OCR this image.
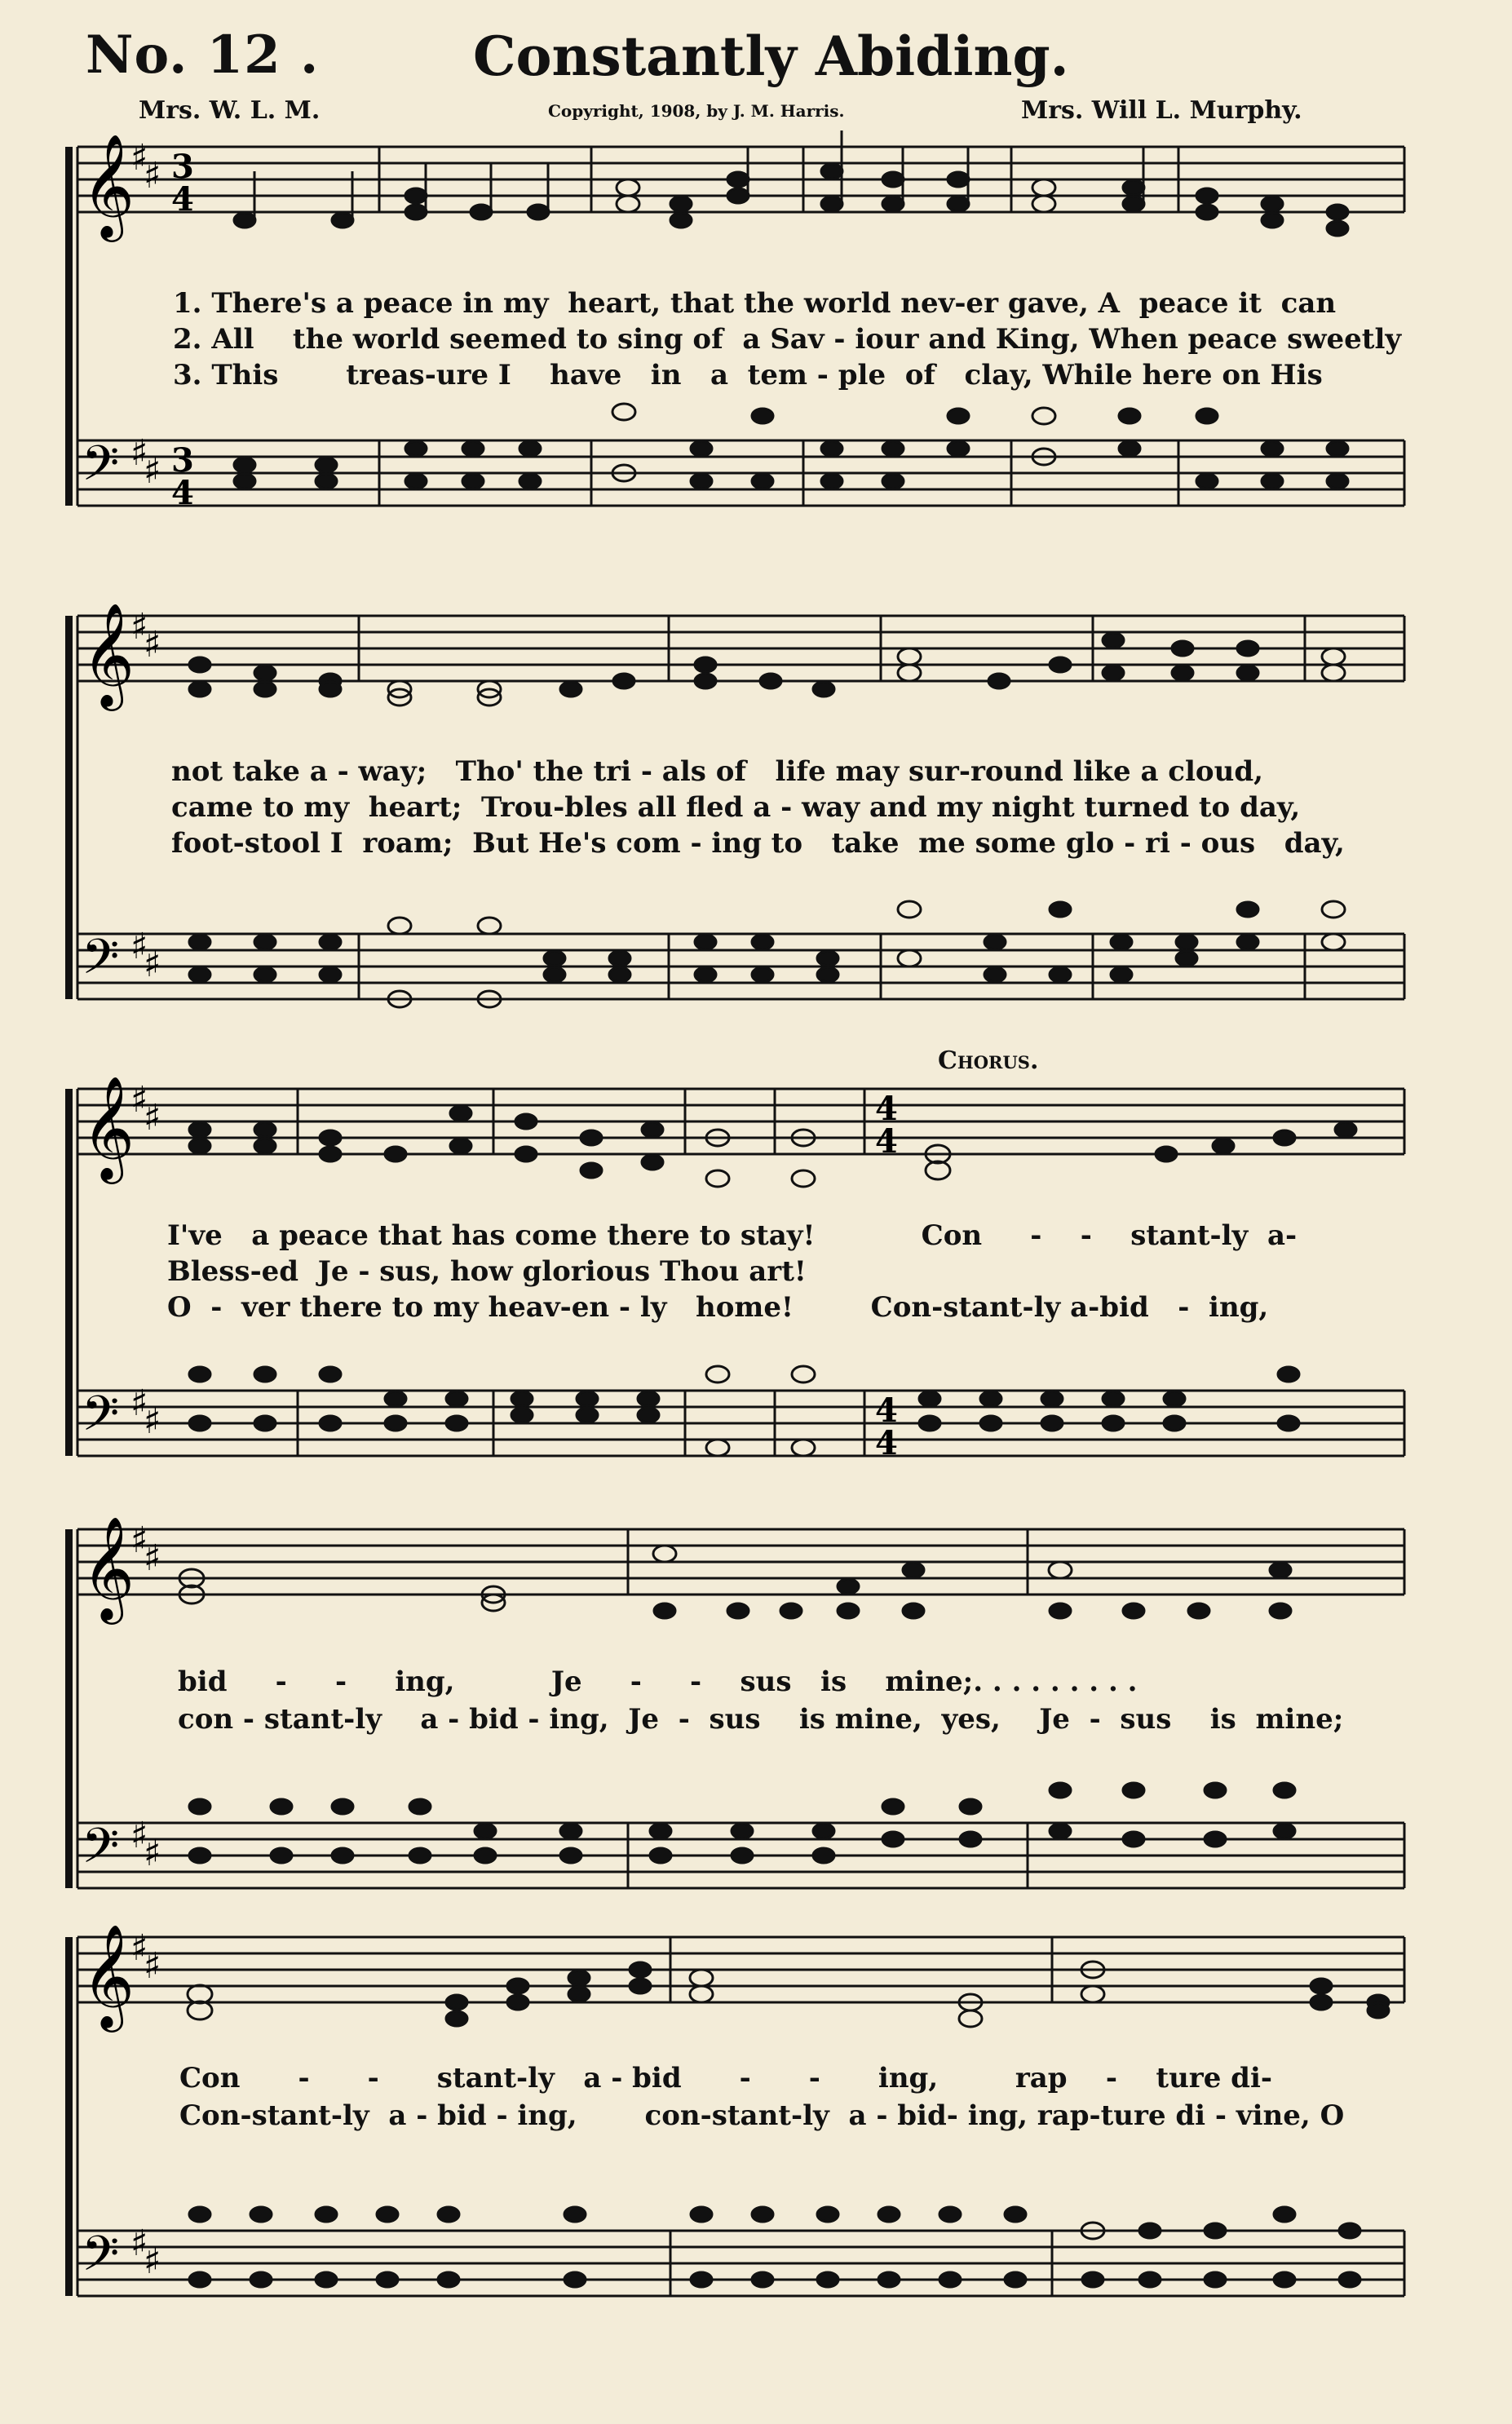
No. 12 .	Constantly Abiding.
Mrs. W. L. M.	Copyright, 1908, by J. M. Harris.	Mrs. Will L. Murphy.
𝄞
𝄢
♯
♯
♯
♯
3
4
3
4
1. There's a peace in my  heart, that the world nev-er gave, A  peace it  can
2. All    the world seemed to sing of  a Sav - iour and King, When peace sweetly
3. This       treas-ure I    have   in   a  tem - ple  of   clay, While here on His
𝄞
𝄢
♯
♯
♯
♯
not take a - way;   Tho' the tri - als of   life may sur-round like a cloud,
came to my  heart;  Trou-bles all fled a - way and my night turned to day,
foot-stool I  roam;  But He's com - ing to   take  me some glo - ri - ous   day,
Chorus.
𝄞
𝄢
♯
♯
♯
♯
4
4
4
4
I've   a peace that has come there to stay!           Con     -    -    stant-ly  a-
Bless-ed  Je - sus, how glorious Thou art!
O  -  ver there to my heav-en - ly   home!        Con-stant-ly a-bid   -  ing,
𝄞
𝄢
♯
♯
♯
♯
bid     -     -     ing,          Je     -     -    sus   is    mine;. . . . . . . . .
con - stant-ly    a - bid - ing,  Je  -  sus    is mine,  yes,    Je  -  sus    is  mine;
𝄞
𝄢
♯
♯
♯
♯
Con      -      -      stant-ly   a - bid      -      -      ing,        rap    -    ture di-
Con-stant-ly  a - bid - ing,       con-stant-ly  a - bid- ing, rap-ture di - vine, O
